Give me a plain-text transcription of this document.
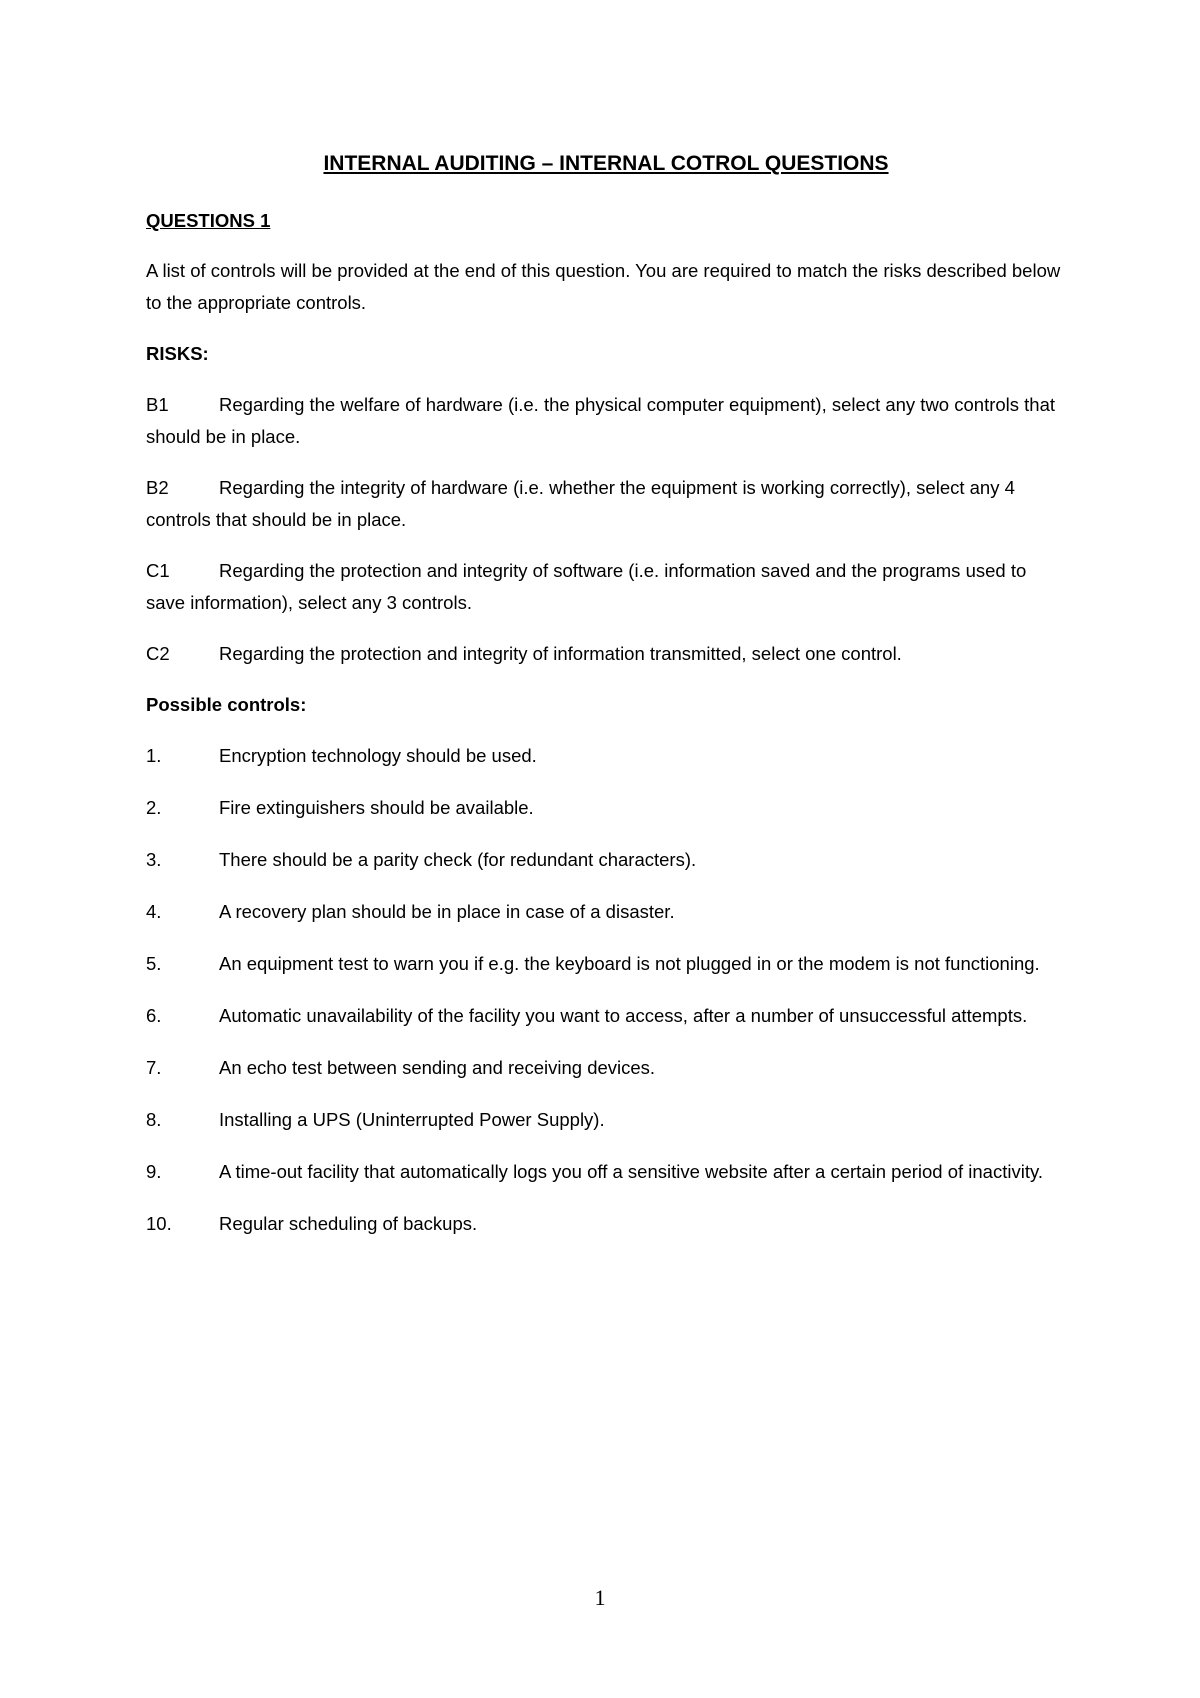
INTERNAL AUDITING – INTERNAL COTROL QUESTIONS
QUESTIONS 1
A list of controls will be provided at the end of this question. You are required to match the risks described below to the appropriate controls.
RISKS:
B1	Regarding the welfare of hardware (i.e. the physical computer equipment), select any two controls that should be in place.
B2	Regarding the integrity of hardware (i.e. whether the equipment is working correctly), select any 4 controls that should be in place.
C1	Regarding the protection and integrity of software (i.e. information saved and the programs used to save information), select any 3 controls.
C2	Regarding the protection and integrity of information transmitted, select one control.
Possible controls:
1.	Encryption technology should be used.
2.	Fire extinguishers should be available.
3.	There should be a parity check (for redundant characters).
4.	A recovery plan should be in place in case of a disaster.
5.	An equipment test to warn you if e.g. the keyboard is not plugged in or the modem is not functioning.
6.	Automatic unavailability of the facility you want to access, after a number of unsuccessful attempts.
7.	An echo test between sending and receiving devices.
8.	Installing a UPS (Uninterrupted Power Supply).
9.	A time-out facility that automatically logs you off a sensitive website after a certain period of inactivity.
10.	Regular scheduling of backups.
1
